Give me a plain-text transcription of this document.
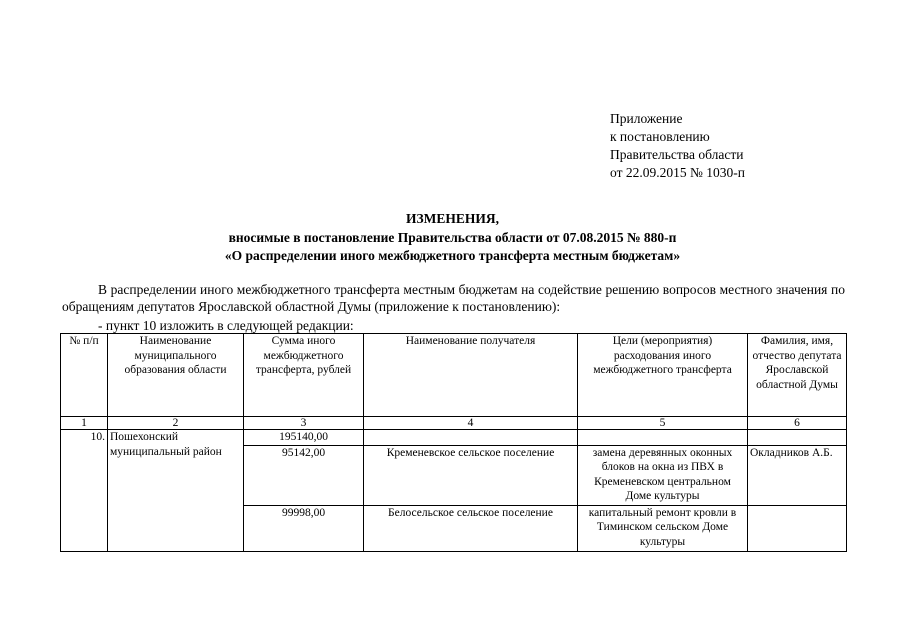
Приложение
к постановлению
Правительства области
от 22.09.2015 № 1030-п
ИЗМЕНЕНИЯ,
вносимые в постановление Правительства области от 07.08.2015 № 880-п
«О распределении иного межбюджетного трансферта местным бюджетам»
В распределении иного межбюджетного трансферта местным бюджетам на содействие решению вопросов местного значения по обращениям депутатов Ярославской областной Думы (приложение к постановлению):
- пункт 10 изложить в следующей редакции:
№ п/п	Наименование муниципального образования области	Сумма иного межбюджетного трансферта, рублей	Наименование получателя	Цели (мероприятия) расходования иного межбюджетного трансферта	Фамилия, имя, отчество депутата Ярославской областной Думы
1	2	3	4	5	6
10.	Пошехонский муниципальный район	195140,00			
		95142,00	Кременевское сельское поселение	замена деревянных оконных блоков на окна из ПВХ в Кременевском центральном Доме культуры	Окладников А.Б.
		99998,00	Белосельское сельское поселение	капитальный ремонт кровли в Тиминском сельском Доме культуры	
